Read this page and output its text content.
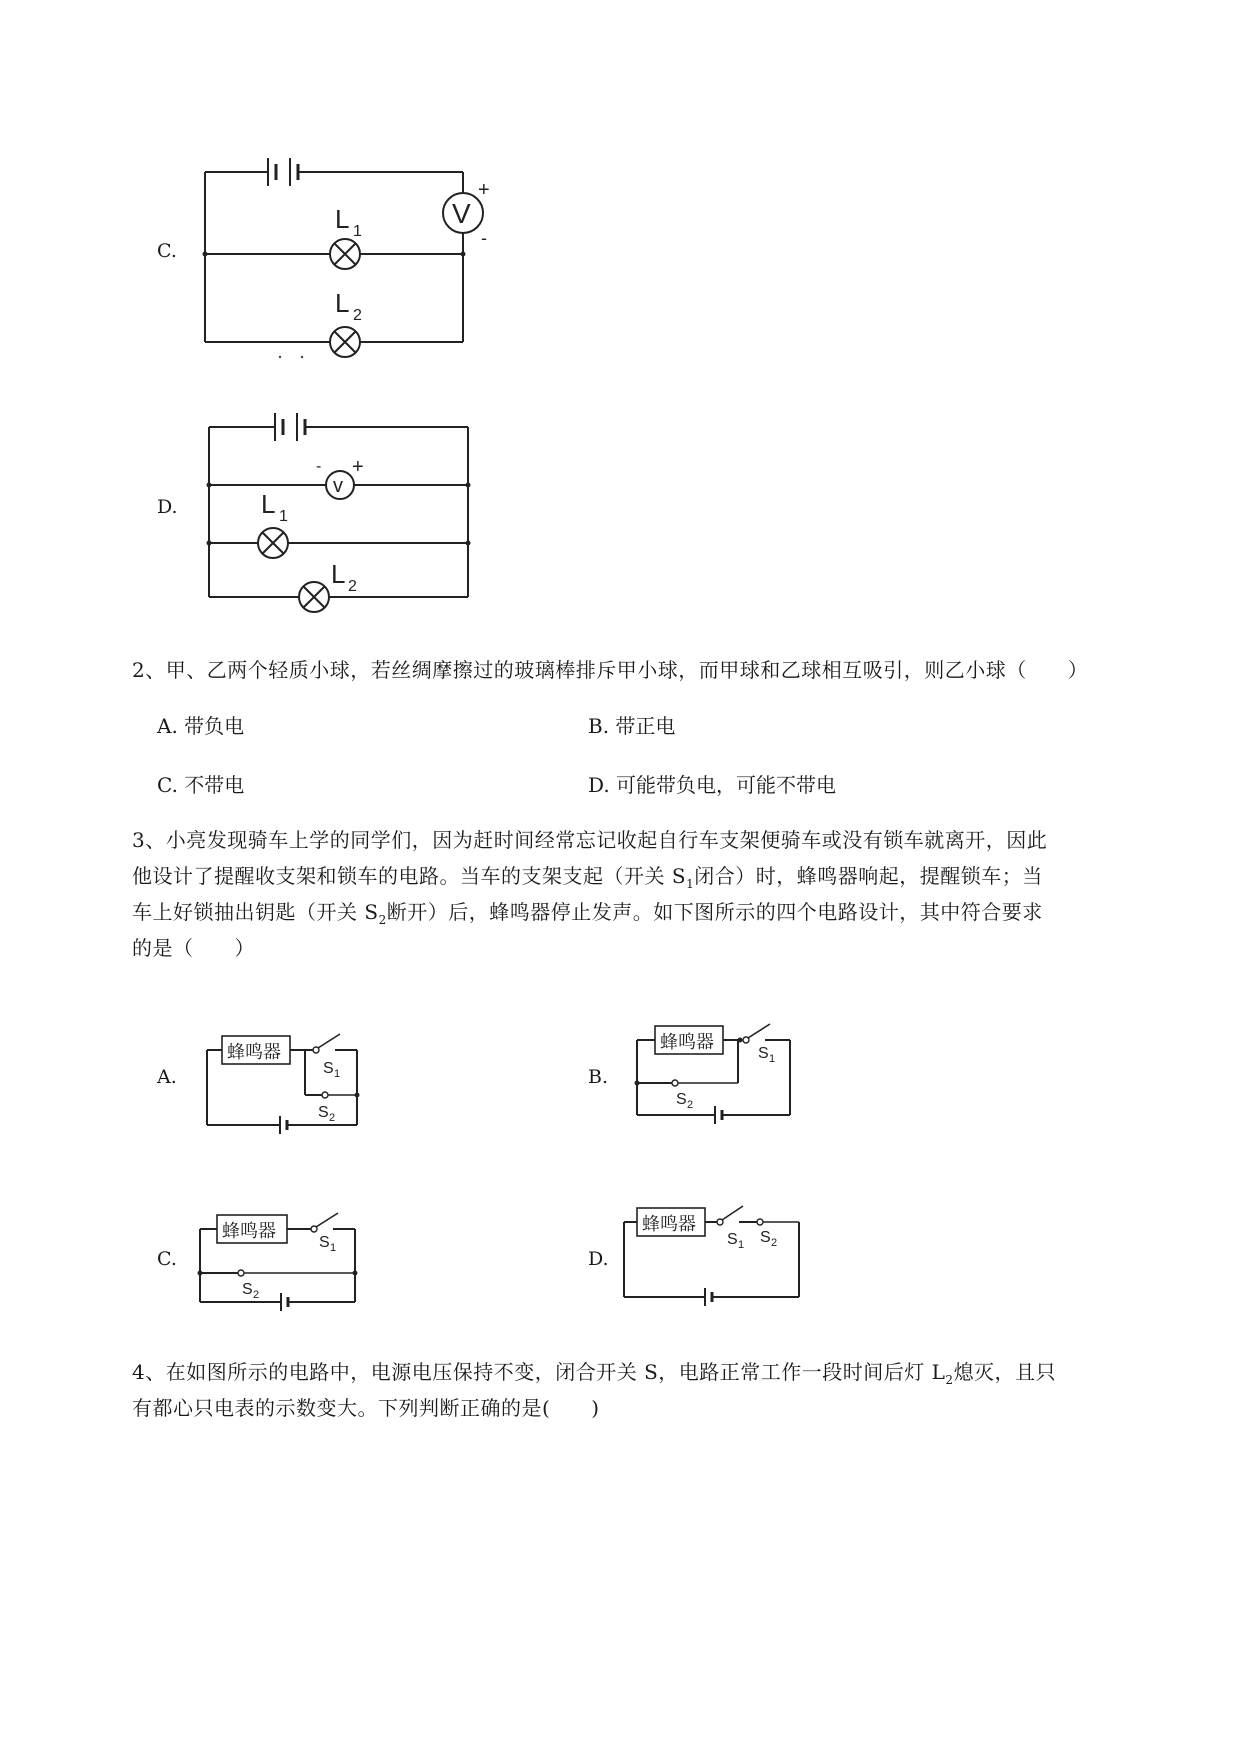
C.
V
+
-
L 1
L 2
D.
v
- +
L 1
L 2
2、甲、乙两个轻质小球，若丝绸摩擦过的玻璃棒排斥甲小球，而甲球和乙球相互吸引，则乙小球（　　）
A. 带负电	B. 带正电
C. 不带电	D. 可能带负电，可能不带电
3、小亮发现骑车上学的同学们，因为赶时间经常忘记收起自行车支架便骑车或没有锁车就离开，因此
他设计了提醒收支架和锁车的电路。当车的支架支起（开关 $S_1$闭合）时，蜂鸣器响起，提醒锁车；当
车上好锁抽出钥匙（开关 $S_2$断开）后，蜂鸣器停止发声。如下图所示的四个电路设计，其中符合要求
的是（　　）
A.
蜂鸣器
S 1
S 2
B.
蜂鸣器
S 1
S 2
C.
蜂鸣器
S 1
S 2
D.
蜂鸣器
S 1 S 2
4、在如图所示的电路中，电源电压保持不变，闭合开关 S，电路正常工作一段时间后灯 $L_2$熄灭，且只
有都心只电表的示数变大。下列判断正确的是(　　)
